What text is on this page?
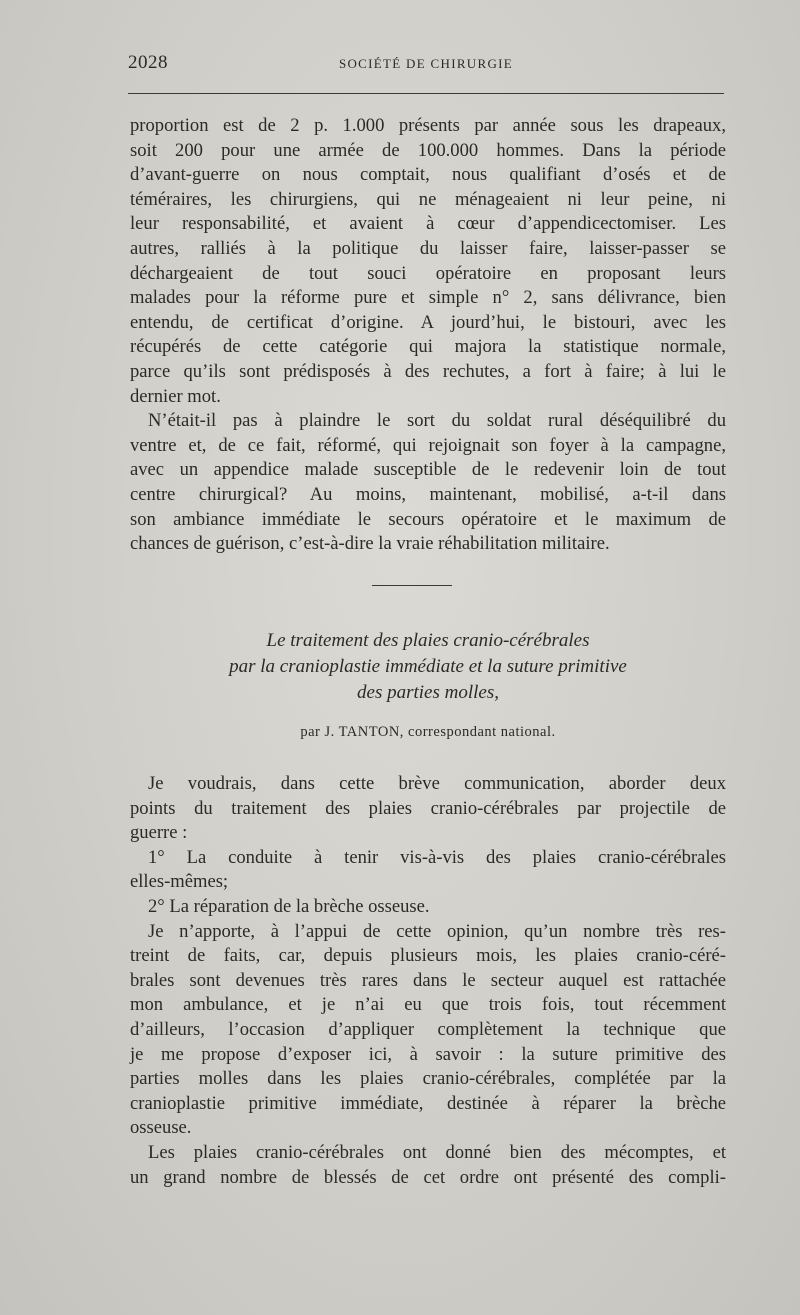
2028	SOCIÉTÉ DE CHIRURGIE

proportion est de 2 p. 1.000 présents par année sous les drapeaux,

soit 200 pour une armée de 100.000 hommes. Dans la période

d’avant-guerre on nous comptait, nous qualifiant d’osés et de

téméraires, les chirurgiens, qui ne ménageaient ni leur peine, ni

leur responsabilité, et avaient à cœur d’appendicectomiser. Les

autres, ralliés à la politique du laisser faire, laisser-passer se

déchargeaient de tout souci opératoire en proposant leurs

malades pour la réforme pure et simple n° 2, sans délivrance, bien

entendu, de certificat d’origine. A jourd’hui, le bistouri, avec les

récupérés de cette catégorie qui majora la statistique normale,

parce qu’ils sont prédisposés à des rechutes, a fort à faire; à lui le

dernier mot.

N’était-il pas à plaindre le sort du soldat rural déséquilibré du

ventre et, de ce fait, réformé, qui rejoignait son foyer à la campagne,

avec un appendice malade susceptible de le redevenir loin de tout

centre chirurgical? Au moins, maintenant, mobilisé, a-t-il dans

son ambiance immédiate le secours opératoire et le maximum de

chances de guérison, c’est-à-dire la vraie réhabilitation militaire.

Le traitement des plaies cranio-cérébrales
par la cranioplastie immédiate et la suture primitive
des parties molles,
par J. TANTON, correspondant national.

Je voudrais, dans cette brève communication, aborder deux

points du traitement des plaies cranio-cérébrales par projectile de

guerre :

1° La conduite à tenir vis-à-vis des plaies cranio-cérébrales

elles-mêmes;

2° La réparation de la brèche osseuse.

Je n’apporte, à l’appui de cette opinion, qu’un nombre très res-

treint de faits, car, depuis plusieurs mois, les plaies cranio-céré-

brales sont devenues très rares dans le secteur auquel est rattachée

mon ambulance, et je n’ai eu que trois fois, tout récemment

d’ailleurs, l’occasion d’appliquer complètement la technique que

je me propose d’exposer ici, à savoir : la suture primitive des

parties molles dans les plaies cranio-cérébrales, complétée par la

cranioplastie primitive immédiate, destinée à réparer la brèche

osseuse.

Les plaies cranio-cérébrales ont donné bien des mécomptes, et

un grand nombre de blessés de cet ordre ont présenté des compli-
